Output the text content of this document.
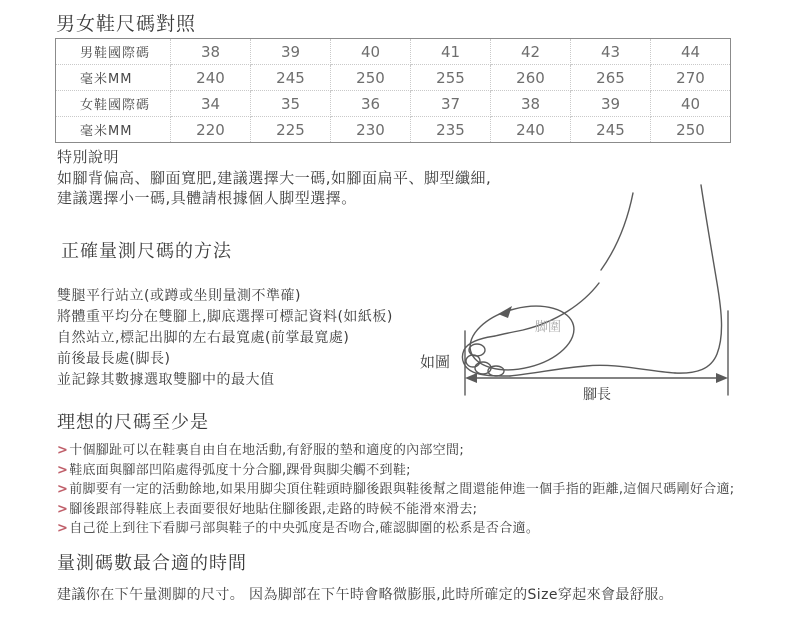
男女鞋尺碼對照
男鞋國際碼	38	39	40	41	42	43	44
毫米MM	240	245	250	255	260	265	270
女鞋國際碼	34	35	36	37	38	39	40
毫米MM	220	225	230	235	240	245	250
特別說明
如腳背偏高、腳面寬肥,建議選擇大一碼,如腳面扁平、脚型纖細,
建議選擇小一碼,具體請根據個人脚型選擇。
正確量測尺碼的方法
雙腿平行站立(或蹲或坐則量測不準確)
將體重平均分在雙腳上,脚底選擇可標記資料(如紙板)
自然站立,標記出脚的左右最寬處(前掌最寬處)
前後最長處(脚長)
並記錄其數據選取雙腳中的最大值
如圖
脚圍
腳長
理想的尺碼至少是
>十個腳趾可以在鞋裏自由自在地活動,有舒服的墊和適度的內部空間;
>鞋底面與腳部凹陷處得弧度十分合腳,踝骨與脚尖觸不到鞋;
>前脚要有一定的活動餘地,如果用脚尖頂住鞋頭時腳後跟與鞋後幫之間還能伸進一個手指的距離,這個尺碼剛好合適;
>腳後跟部得鞋底上表面要很好地貼住腳後跟,走路的時候不能滑來滑去;
>自己從上到往下看脚弓部與鞋子的中央弧度是否吻合,確認脚圍的松系是否合適。
量測碼數最合適的時間
建議你在下午量測脚的尺寸。 因為脚部在下午時會略微膨脹,此時所確定的Size穿起來會最舒服。
